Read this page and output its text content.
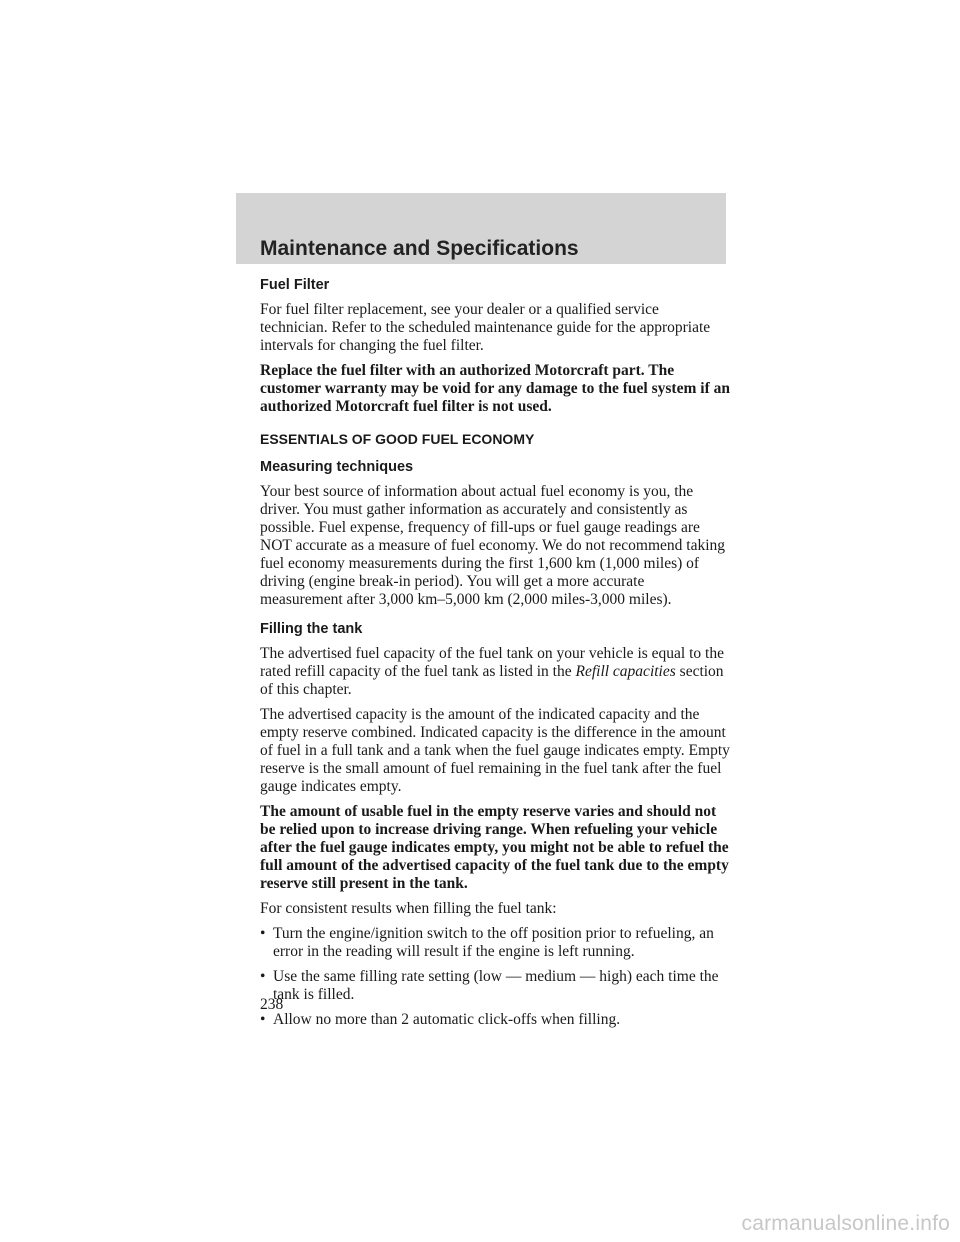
Maintenance and Specifications
Fuel Filter

For fuel filter replacement, see your dealer or a qualified service technician. Refer to the scheduled maintenance guide for the appropriate intervals for changing the fuel filter.

Replace the fuel filter with an authorized Motorcraft part. The customer warranty may be void for any damage to the fuel system if an authorized Motorcraft fuel filter is not used.

ESSENTIALS OF GOOD FUEL ECONOMY
Measuring techniques

Your best source of information about actual fuel economy is you, the driver. You must gather information as accurately and consistently as possible. Fuel expense, frequency of fill-ups or fuel gauge readings are NOT accurate as a measure of fuel economy. We do not recommend taking fuel economy measurements during the first 1,600 km (1,000 miles) of driving (engine break-in period). You will get a more accurate measurement after 3,000 km–5,000 km (2,000 miles-3,000 miles).

Filling the tank

The advertised fuel capacity of the fuel tank on your vehicle is equal to the rated refill capacity of the fuel tank as listed in the Refill capacities section of this chapter.

The advertised capacity is the amount of the indicated capacity and the empty reserve combined. Indicated capacity is the difference in the amount of fuel in a full tank and a tank when the fuel gauge indicates empty. Empty reserve is the small amount of fuel remaining in the fuel tank after the fuel gauge indicates empty.

The amount of usable fuel in the empty reserve varies and should not be relied upon to increase driving range. When refueling your vehicle after the fuel gauge indicates empty, you might not be able to refuel the full amount of the advertised capacity of the fuel tank due to the empty reserve still present in the tank.

For consistent results when filling the fuel tank:

• Turn the engine/ignition switch to the off position prior to refueling, an error in the reading will result if the engine is left running.
• Use the same filling rate setting (low — medium — high) each time the tank is filled.
• Allow no more than 2 automatic click-offs when filling.
238
carmanualsonline.info
